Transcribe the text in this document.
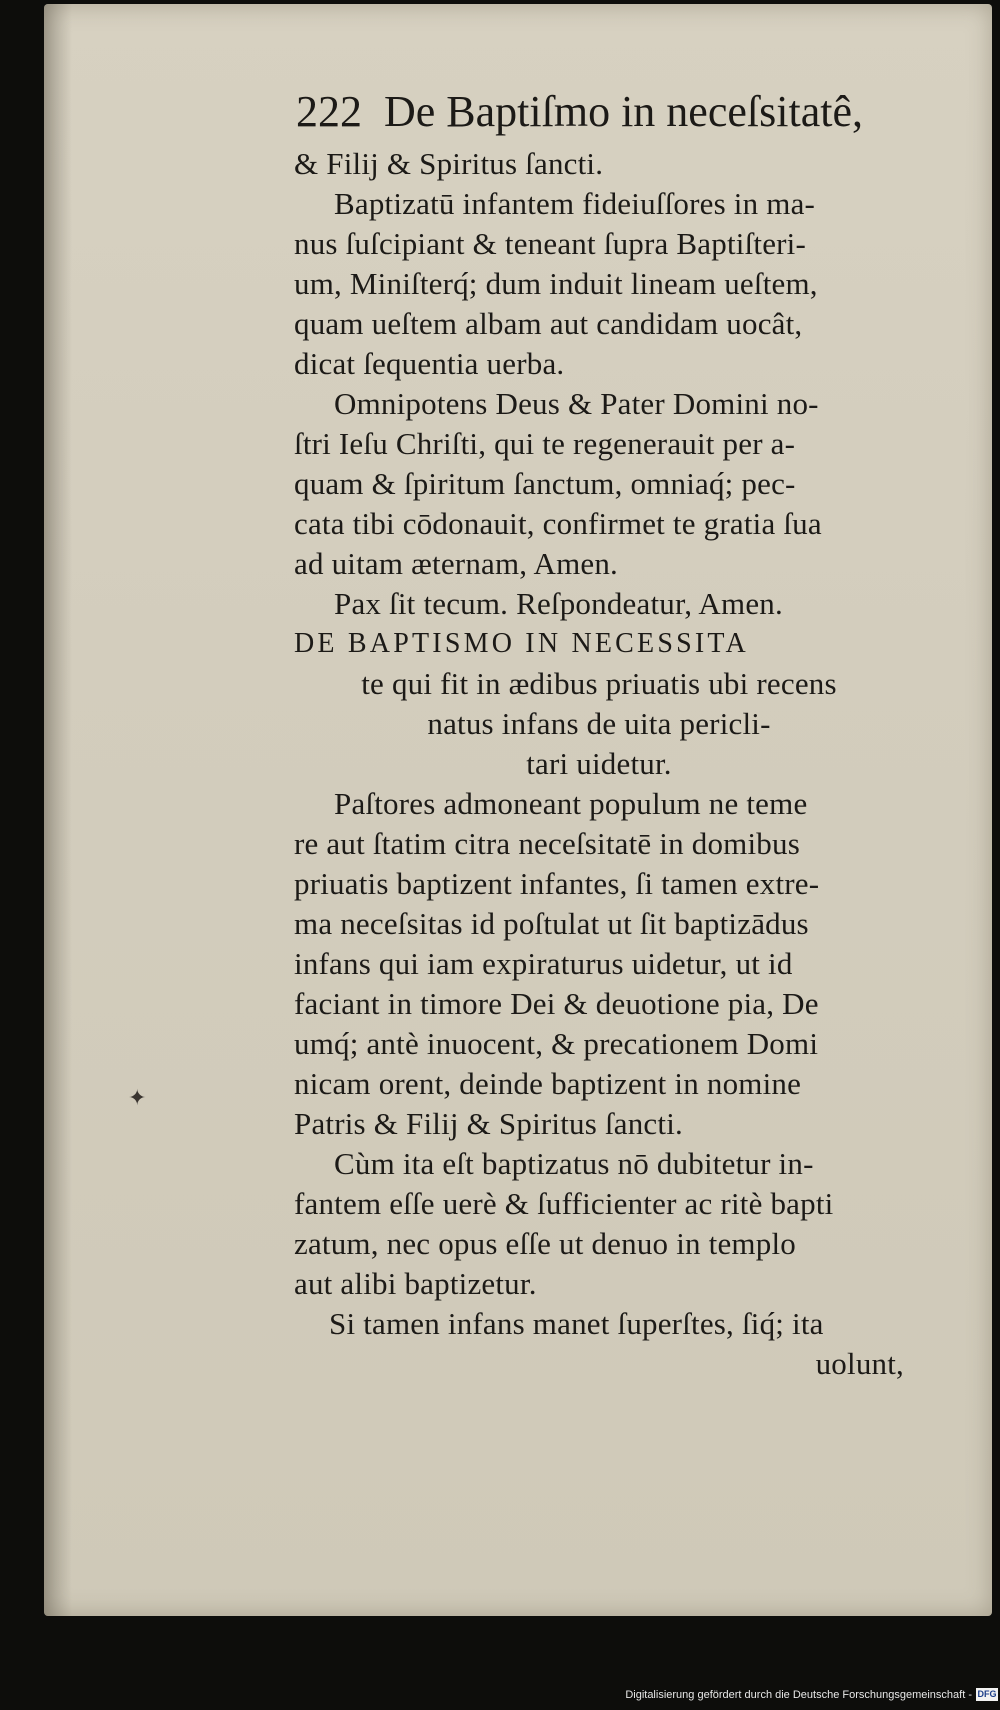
222 De Baptiſmo in neceſsitatê,
& Filij & Spiritus ſancti.
Baptizatū infantem fideiuſſores in ma-
nus ſuſcipiant & teneant ſupra Baptiſteri-
um, Miniſterq́; dum induit lineam ueſtem,
quam ueſtem albam aut candidam uocât,
dicat ſequentia uerba.
Omnipotens Deus & Pater Domini no-
ſtri Ieſu Chriſti, qui te regenerauit per a-
quam & ſpiritum ſanctum, omniaq́; pec-
cata tibi cōdonauit, confirmet te gratia ſua
ad uitam æternam, Amen.
Pax ſit tecum. Reſpondeatur, Amen.
DE BAPTISMO IN NECESSITA
te qui fit in ædibus priuatis ubi recens
natus infans de uita pericli-
tari uidetur.
Paſtores admoneant populum ne teme
re aut ſtatim citra neceſsitatē in domibus
priuatis baptizent infantes, ſi tamen extre-
ma neceſsitas id poſtulat ut ſit baptizādus
infans qui iam expiraturus uidetur, ut id
faciant in timore Dei & deuotione pia, De
umq́; antè inuocent, & precationem Domi
nicam orent, deinde baptizent in nomine
Patris & Filij & Spiritus ſancti.
Cùm ita eſt baptizatus nō dubitetur in-
fantem eſſe uerè & ſufficienter ac ritè bapti
zatum, nec opus eſſe ut denuo in templo
aut alibi baptizetur.
Si tamen infans manet ſuperſtes, ſiq́; ita
uolunt,
✦
Digitalisierung gefördert durch die Deutsche Forschungsgemeinschaft - DFG
